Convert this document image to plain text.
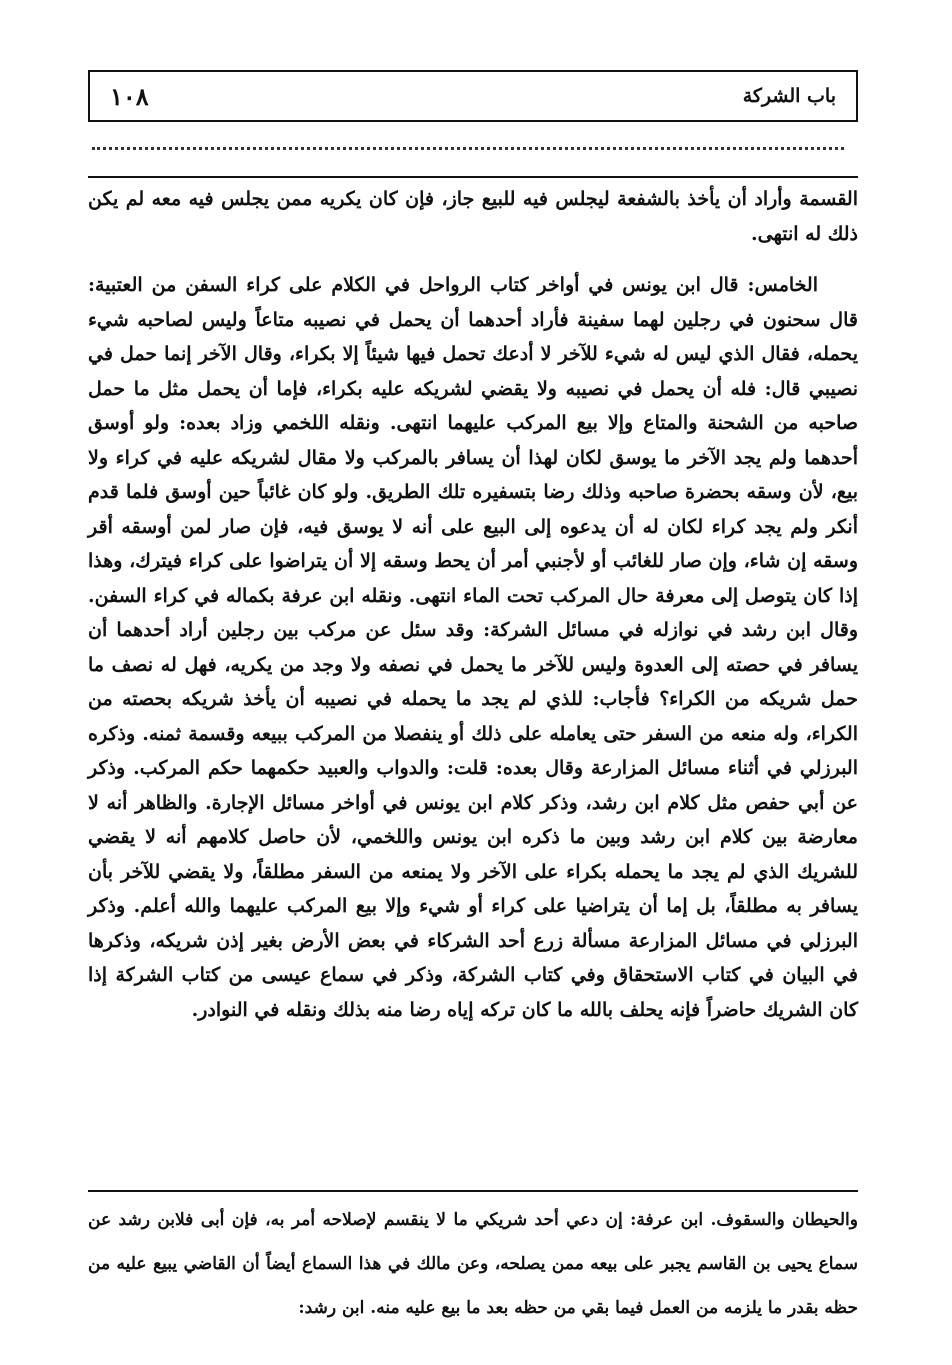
باب الشركة
١٠٨

القسمة وأراد أن يأخذ بالشفعة ليجلس فيه للبيع جاز، فإن كان يكريه ممن يجلس فيه معه لم يكن ذلك له انتهى.

الخامس: قال ابن يونس في أواخر كتاب الرواحل في الكلام على كراء السفن من العتبية: قال سحنون في رجلين لهما سفينة فأراد أحدهما أن يحمل في نصيبه متاعاً وليس لصاحبه شيء يحمله، فقال الذي ليس له شيء للآخر لا أدعك تحمل فيها شيئاً إلا بكراء، وقال الآخر إنما حمل في نصيبي قال: فله أن يحمل في نصيبه ولا يقضي لشريكه عليه بكراء، فإما أن يحمل مثل ما حمل صاحبه من الشحنة والمتاع وإلا بيع المركب عليهما انتهى. ونقله اللخمي وزاد بعده: ولو أوسق أحدهما ولم يجد الآخر ما يوسق لكان لهذا أن يسافر بالمركب ولا مقال لشريكه عليه في كراء ولا بيع، لأن وسقه بحضرة صاحبه وذلك رضا بتسفيره تلك الطريق. ولو كان غائباً حين أوسق فلما قدم أنكر ولم يجد كراء لكان له أن يدعوه إلى البيع على أنه لا يوسق فيه، فإن صار لمن أوسقه أقر وسقه إن شاء، وإن صار للغائب أو لأجنبي أمر أن يحط وسقه إلا أن يتراضوا على كراء فيترك، وهذا إذا كان يتوصل إلى معرفة حال المركب تحت الماء انتهى. ونقله ابن عرفة بكماله في كراء السفن. وقال ابن رشد في نوازله في مسائل الشركة: وقد سئل عن مركب بين رجلين أراد أحدهما أن يسافر في حصته إلى العدوة وليس للآخر ما يحمل في نصفه ولا وجد من يكريه، فهل له نصف ما حمل شريكه من الكراء؟ فأجاب: للذي لم يجد ما يحمله في نصيبه أن يأخذ شريكه بحصته من الكراء، وله منعه من السفر حتى يعامله على ذلك أو ينفصلا من المركب ببيعه وقسمة ثمنه. وذكره البرزلي في أثناء مسائل المزارعة وقال بعده: قلت: والدواب والعبيد حكمهما حكم المركب. وذكر عن أبي حفص مثل كلام ابن رشد، وذكر كلام ابن يونس في أواخر مسائل الإجارة. والظاهر أنه لا معارضة بين كلام ابن رشد وبين ما ذكره ابن يونس واللخمي، لأن حاصل كلامهم أنه لا يقضي للشريك الذي لم يجد ما يحمله بكراء على الآخر ولا يمنعه من السفر مطلقاً، ولا يقضي للآخر بأن يسافر به مطلقاً، بل إما أن يتراضيا على كراء أو شيء وإلا بيع المركب عليهما والله أعلم. وذكر البرزلي في مسائل المزارعة مسألة زرع أحد الشركاء في بعض الأرض بغير إذن شريكه، وذكرها في البيان في كتاب الاستحقاق وفي كتاب الشركة، وذكر في سماع عيسى من كتاب الشركة إذا كان الشريك حاضراً فإنه يحلف بالله ما كان تركه إياه رضا منه بذلك ونقله في النوادر.

والحيطان والسقوف. ابن عرفة: إن دعي أحد شريكي ما لا ينقسم لإصلاحه أمر به، فإن أبى فلابن رشد عن سماع يحيى بن القاسم يجبر على بيعه ممن يصلحه، وعن مالك في هذا السماع أيضاً أن القاضي يبيع عليه من حظه بقدر ما يلزمه من العمل فيما بقي من حظه بعد ما بيع عليه منه. ابن رشد:
